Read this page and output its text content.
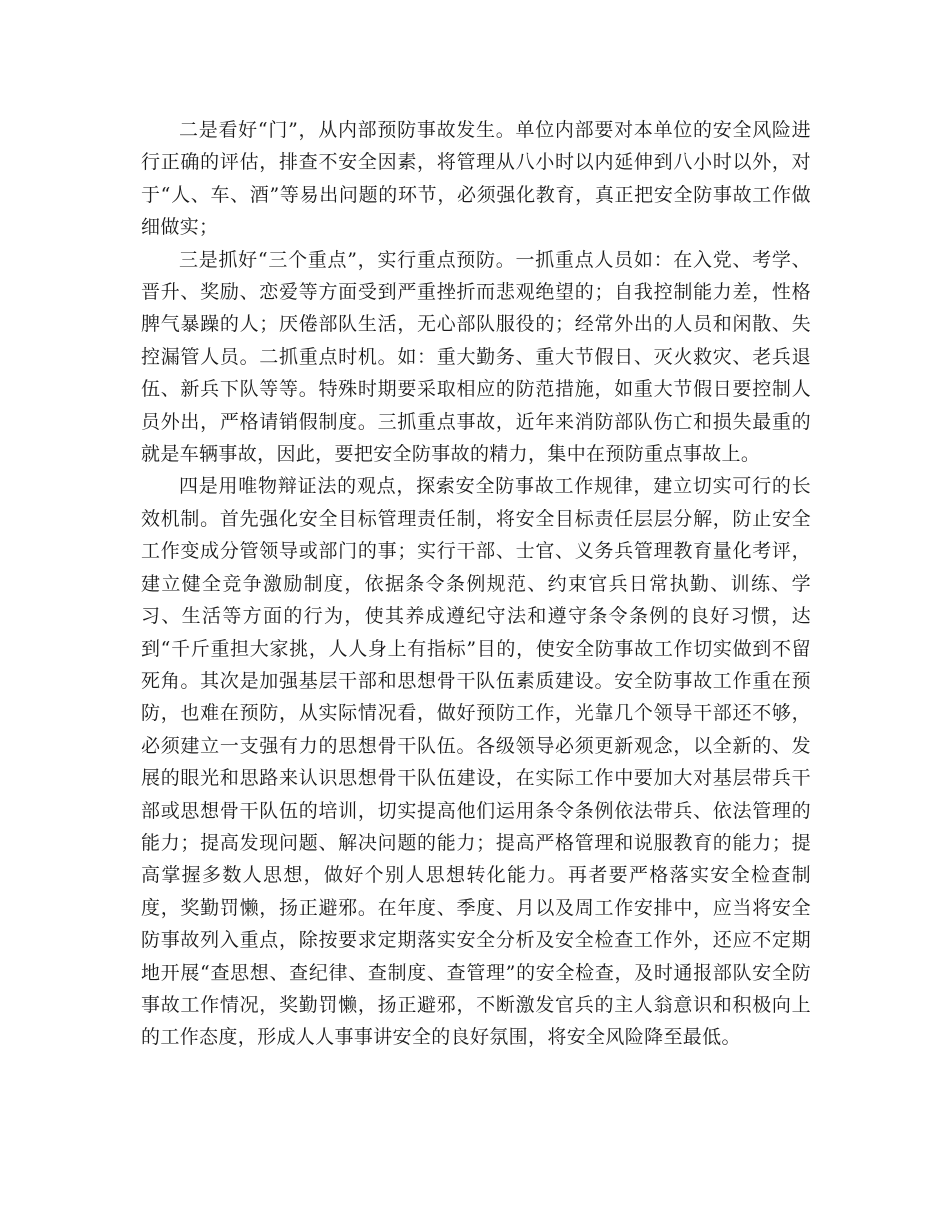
二是看好“门”，从内部预防事故发生。单位内部要对本单位的安全风险进行正确的评估，排查不安全因素，将管理从八小时以内延伸到八小时以外，对于“人、车、酒”等易出问题的环节，必须强化教育，真正把安全防事故工作做细做实；

三是抓好“三个重点”，实行重点预防。一抓重点人员如：在入党、考学、晋升、奖励、恋爱等方面受到严重挫折而悲观绝望的；自我控制能力差，性格脾气暴躁的人；厌倦部队生活，无心部队服役的；经常外出的人员和闲散、失控漏管人员。二抓重点时机。如：重大勤务、重大节假日、灭火救灾、老兵退伍、新兵下队等等。特殊时期要采取相应的防范措施，如重大节假日要控制人员外出，严格请销假制度。三抓重点事故，近年来消防部队伤亡和损失最重的就是车辆事故，因此，要把安全防事故的精力，集中在预防重点事故上。

四是用唯物辩证法的观点，探索安全防事故工作规律，建立切实可行的长效机制。首先强化安全目标管理责任制，将安全目标责任层层分解，防止安全工作变成分管领导或部门的事；实行干部、士官、义务兵管理教育量化考评，建立健全竞争激励制度，依据条令条例规范、约束官兵日常执勤、训练、学习、生活等方面的行为，使其养成遵纪守法和遵守条令条例的良好习惯，达到“千斤重担大家挑，人人身上有指标”目的，使安全防事故工作切实做到不留死角。其次是加强基层干部和思想骨干队伍素质建设。安全防事故工作重在预防，也难在预防，从实际情况看，做好预防工作，光靠几个领导干部还不够，必须建立一支强有力的思想骨干队伍。各级领导必须更新观念，以全新的、发展的眼光和思路来认识思想骨干队伍建设，在实际工作中要加大对基层带兵干部或思想骨干队伍的培训，切实提高他们运用条令条例依法带兵、依法管理的能力；提高发现问题、解决问题的能力；提高严格管理和说服教育的能力；提高掌握多数人思想，做好个别人思想转化能力。再者要严格落实安全检查制度，奖勤罚懒，扬正避邪。在年度、季度、月以及周工作安排中，应当将安全防事故列入重点，除按要求定期落实安全分析及安全检查工作外，还应不定期地开展“查思想、查纪律、查制度、查管理”的安全检查，及时通报部队安全防事故工作情况，奖勤罚懒，扬正避邪，不断激发官兵的主人翁意识和积极向上的工作态度，形成人人事事讲安全的良好氛围，将安全风险降至最低。
